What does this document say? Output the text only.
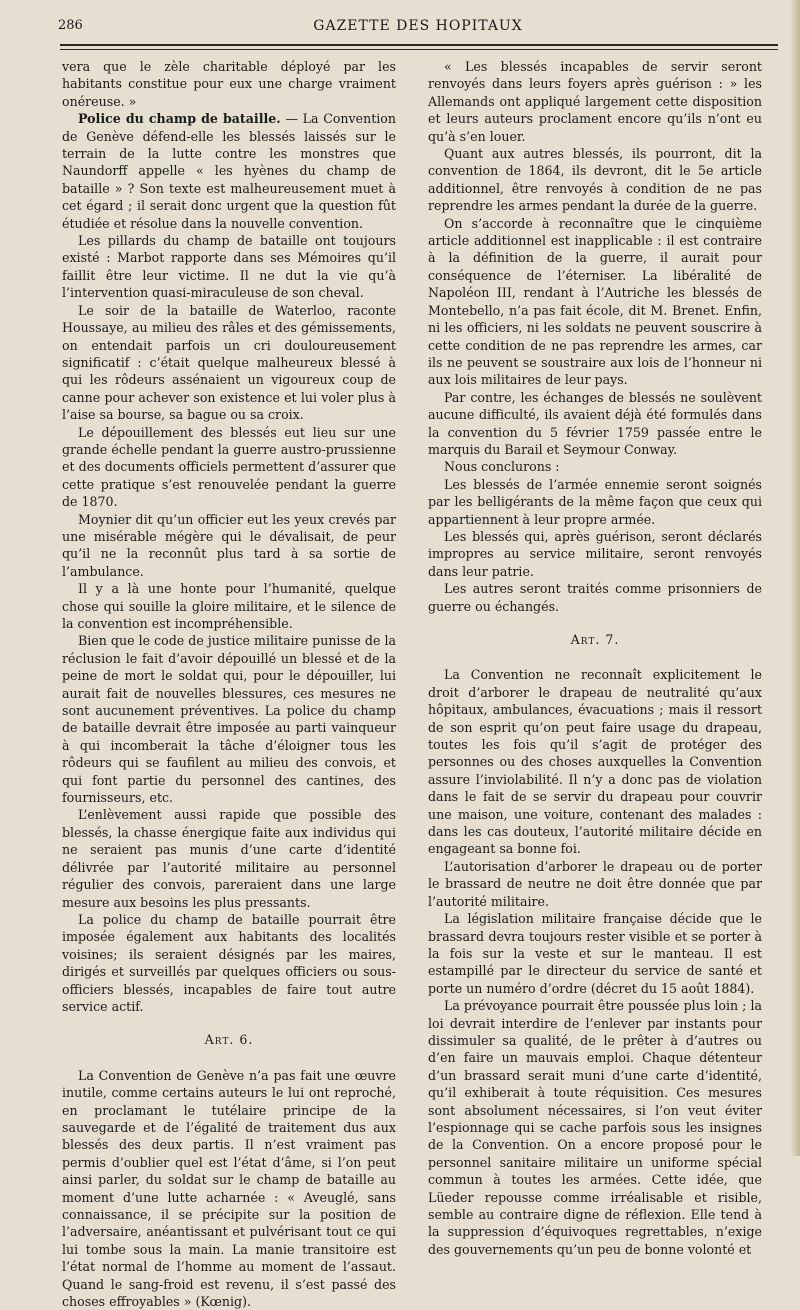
286	GAZETTE DES HOPITAUX

vera que le zèle charitable déployé par les habitants constitue pour eux une charge vraiment onéreuse. »

Police du champ de bataille. — La Convention de Genève défend-elle les blessés laissés sur le terrain de la lutte contre les monstres que Naundorff appelle « les hyènes du champ de bataille » ? Son texte est malheureusement muet à cet égard ; il serait donc urgent que la question fût étudiée et résolue dans la nouvelle convention.

Les pillards du champ de bataille ont toujours existé : Marbot rapporte dans ses Mémoires qu’il faillit être leur victime. Il ne dut la vie qu’à l’intervention quasi-miraculeuse de son cheval.

Le soir de la bataille de Waterloo, raconte Houssaye, au milieu des râles et des gémissements, on entendait parfois un cri douloureusement significatif : c’était quelque malheureux blessé à qui les rôdeurs assénaient un vigoureux coup de canne pour achever son existence et lui voler plus à l’aise sa bourse, sa bague ou sa croix.

Le dépouillement des blessés eut lieu sur une grande échelle pendant la guerre austro-prussienne et des documents officiels permettent d’assurer que cette pratique s’est renouvelée pendant la guerre de 1870.

Moynier dit qu’un officier eut les yeux crevés par une misérable mégère qui le dévalisait, de peur qu’il ne la reconnût plus tard à sa sortie de l’ambulance.

Il y a là une honte pour l’humanité, quelque chose qui souille la gloire militaire, et le silence de la convention est incompréhensible.

Bien que le code de justice militaire punisse de la réclusion le fait d’avoir dépouillé un blessé et de la peine de mort le soldat qui, pour le dépouiller, lui aurait fait de nouvelles blessures, ces mesures ne sont aucunement préventives. La police du champ de bataille devrait être imposée au parti vainqueur à qui incomberait la tâche d’éloigner tous les rôdeurs qui se faufilent au milieu des convois, et qui font partie du personnel des cantines, des fournisseurs, etc.

L’enlèvement aussi rapide que possible des blessés, la chasse énergique faite aux individus qui ne seraient pas munis d’une carte d’identité délivrée par l’autorité militaire au personnel régulier des convois, pareraient dans une large mesure aux besoins les plus pressants.

La police du champ de bataille pourrait être imposée également aux habitants des localités voisines; ils seraient désignés par les maires, dirigés et surveillés par quelques officiers ou sous-officiers blessés, incapables de faire tout autre service actif.

Art. 6.

La Convention de Genève n’a pas fait une œuvre inutile, comme certains auteurs le lui ont reproché, en proclamant le tutélaire principe de la sauvegarde et de l’égalité de traitement dus aux blessés des deux partis. Il n’est vraiment pas permis d’oublier quel est l’état d’âme, si l’on peut ainsi parler, du soldat sur le champ de bataille au moment d’une lutte acharnée : « Aveuglé, sans connaissance, il se précipite sur la position de l’adversaire, anéantissant et pulvérisant tout ce qui lui tombe sous la main. La manie transitoire est l’état normal de l’homme au moment de l’assaut. Quand le sang-froid est revenu, il s’est passé des choses effroyables » (Kœnig).

« Les blessés incapables de servir seront renvoyés dans leurs foyers après guérison : » les Allemands ont appliqué largement cette disposition et leurs auteurs proclament encore qu’ils n’ont eu qu’à s’en louer.

Quant aux autres blessés, ils pourront, dit la convention de 1864, ils devront, dit le 5e article additionnel, être renvoyés à condition de ne pas reprendre les armes pendant la durée de la guerre.

On s’accorde à reconnaître que le cinquième article additionnel est inapplicable : il est contraire à la définition de la guerre, il aurait pour conséquence de l’éterniser. La libéralité de Napoléon III, rendant à l’Autriche les blessés de Montebello, n’a pas fait école, dit M. Brenet. Enfin, ni les officiers, ni les soldats ne peuvent souscrire à cette condition de ne pas reprendre les armes, car ils ne peuvent se soustraire aux lois de l’honneur ni aux lois militaires de leur pays.

Par contre, les échanges de blessés ne soulèvent aucune difficulté, ils avaient déjà été formulés dans la convention du 5 février 1759 passée entre le marquis du Barail et Seymour Conway.

Nous conclurons :

Les blessés de l’armée ennemie seront soignés par les belligérants de la même façon que ceux qui appartiennent à leur propre armée.

Les blessés qui, après guérison, seront déclarés impropres au service militaire, seront renvoyés dans leur patrie.

Les autres seront traités comme prisonniers de guerre ou échangés.

Art. 7.

La Convention ne reconnaît explicitement le droit d’arborer le drapeau de neutralité qu’aux hôpitaux, ambulances, évacuations ; mais il ressort de son esprit qu’on peut faire usage du drapeau, toutes les fois qu’il s’agit de protéger des personnes ou des choses auxquelles la Convention assure l’inviolabilité. Il n’y a donc pas de violation dans le fait de se servir du drapeau pour couvrir une maison, une voiture, contenant des malades : dans les cas douteux, l’autorité militaire décide en engageant sa bonne foi.

L’autorisation d’arborer le drapeau ou de porter le brassard de neutre ne doit être donnée que par l’autorité militaire.

La législation militaire française décide que le brassard devra toujours rester visible et se porter à la fois sur la veste et sur le manteau. Il est estampillé par le directeur du service de santé et porte un numéro d’ordre (décret du 15 août 1884).

La prévoyance pourrait être poussée plus loin ; la loi devrait interdire de l’enlever par instants pour dissimuler sa qualité, de le prêter à d’autres ou d’en faire un mauvais emploi. Chaque détenteur d’un brassard serait muni d’une carte d’identité, qu’il exhiberait à toute réquisition. Ces mesures sont absolument nécessaires, si l’on veut éviter l’espionnage qui se cache parfois sous les insignes de la Convention. On a encore proposé pour le personnel sanitaire militaire un uniforme spécial commun à toutes les armées. Cette idée, que Lüeder repousse comme irréalisable et risible, semble au contraire digne de réflexion. Elle tend à la suppression d’équivoques regrettables, n’exige des gouvernements qu’un peu de bonne volonté et
